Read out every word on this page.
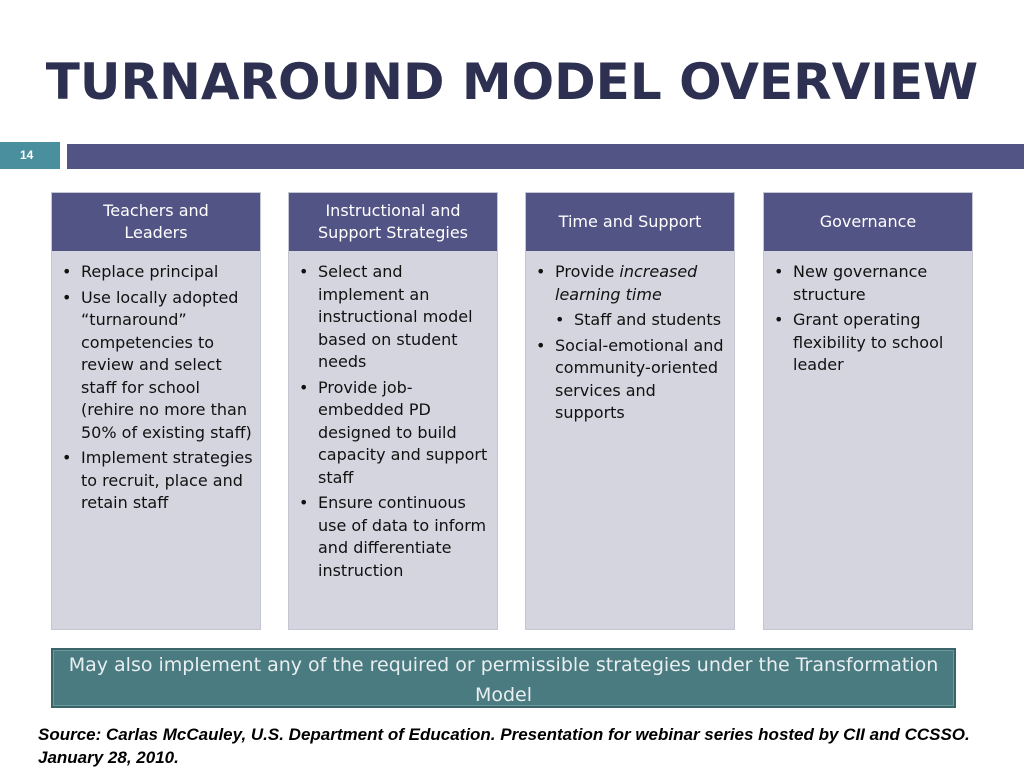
TURNAROUND MODEL OVERVIEW
14
Teachers and
Leaders
• Replace principal
• Use locally adopted “turnaround” competencies to review and select staff for school (rehire no more than 50% of existing staff)
• Implement strategies to recruit, place and retain staff
Instructional and
Support Strategies
• Select and implement an instructional model based on student needs
• Provide job-embedded PD designed to build capacity and support staff
• Ensure continuous use of data to inform and differentiate instruction
Time and Support
• Provide increased learning time
• Staff and students
• Social-emotional and community-oriented services and supports
Governance
• New governance structure
• Grant operating flexibility to school leader
May also implement any of the required or permissible strategies under the Transformation Model
Source: Carlas McCauley, U.S. Department of Education. Presentation for webinar series hosted by CII and CCSSO. January 28, 2010.
